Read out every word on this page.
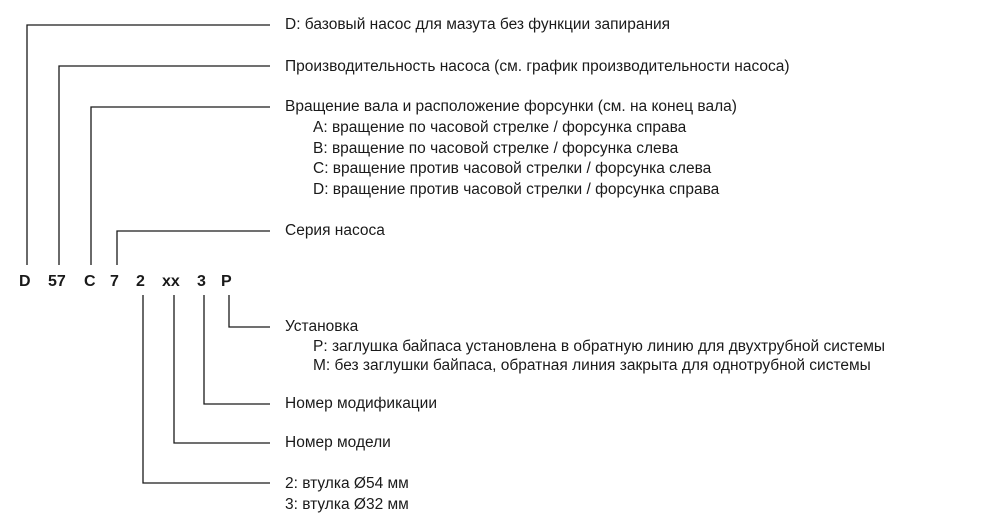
D 57 C 7 2 xx 3 P
D: базовый насос для мазута без функции запирания
Производительность насоса (см. график производительности насоса)
Вращение вала и расположение форсунки (см. на конец вала)
A: вращение по часовой стрелке / форсунка справа
B: вращение по часовой стрелке / форсунка слева
C: вращение против часовой стрелки / форсунка слева
D: вращение против часовой стрелки / форсунка справа
Серия насоса
Установка
P: заглушка байпаса установлена в обратную линию для двухтрубной системы
M: без заглушки байпаса, обратная линия закрыта для однотрубной системы
Номер модификации
Номер модели
2: втулка Ø54 мм
3: втулка Ø32 мм
